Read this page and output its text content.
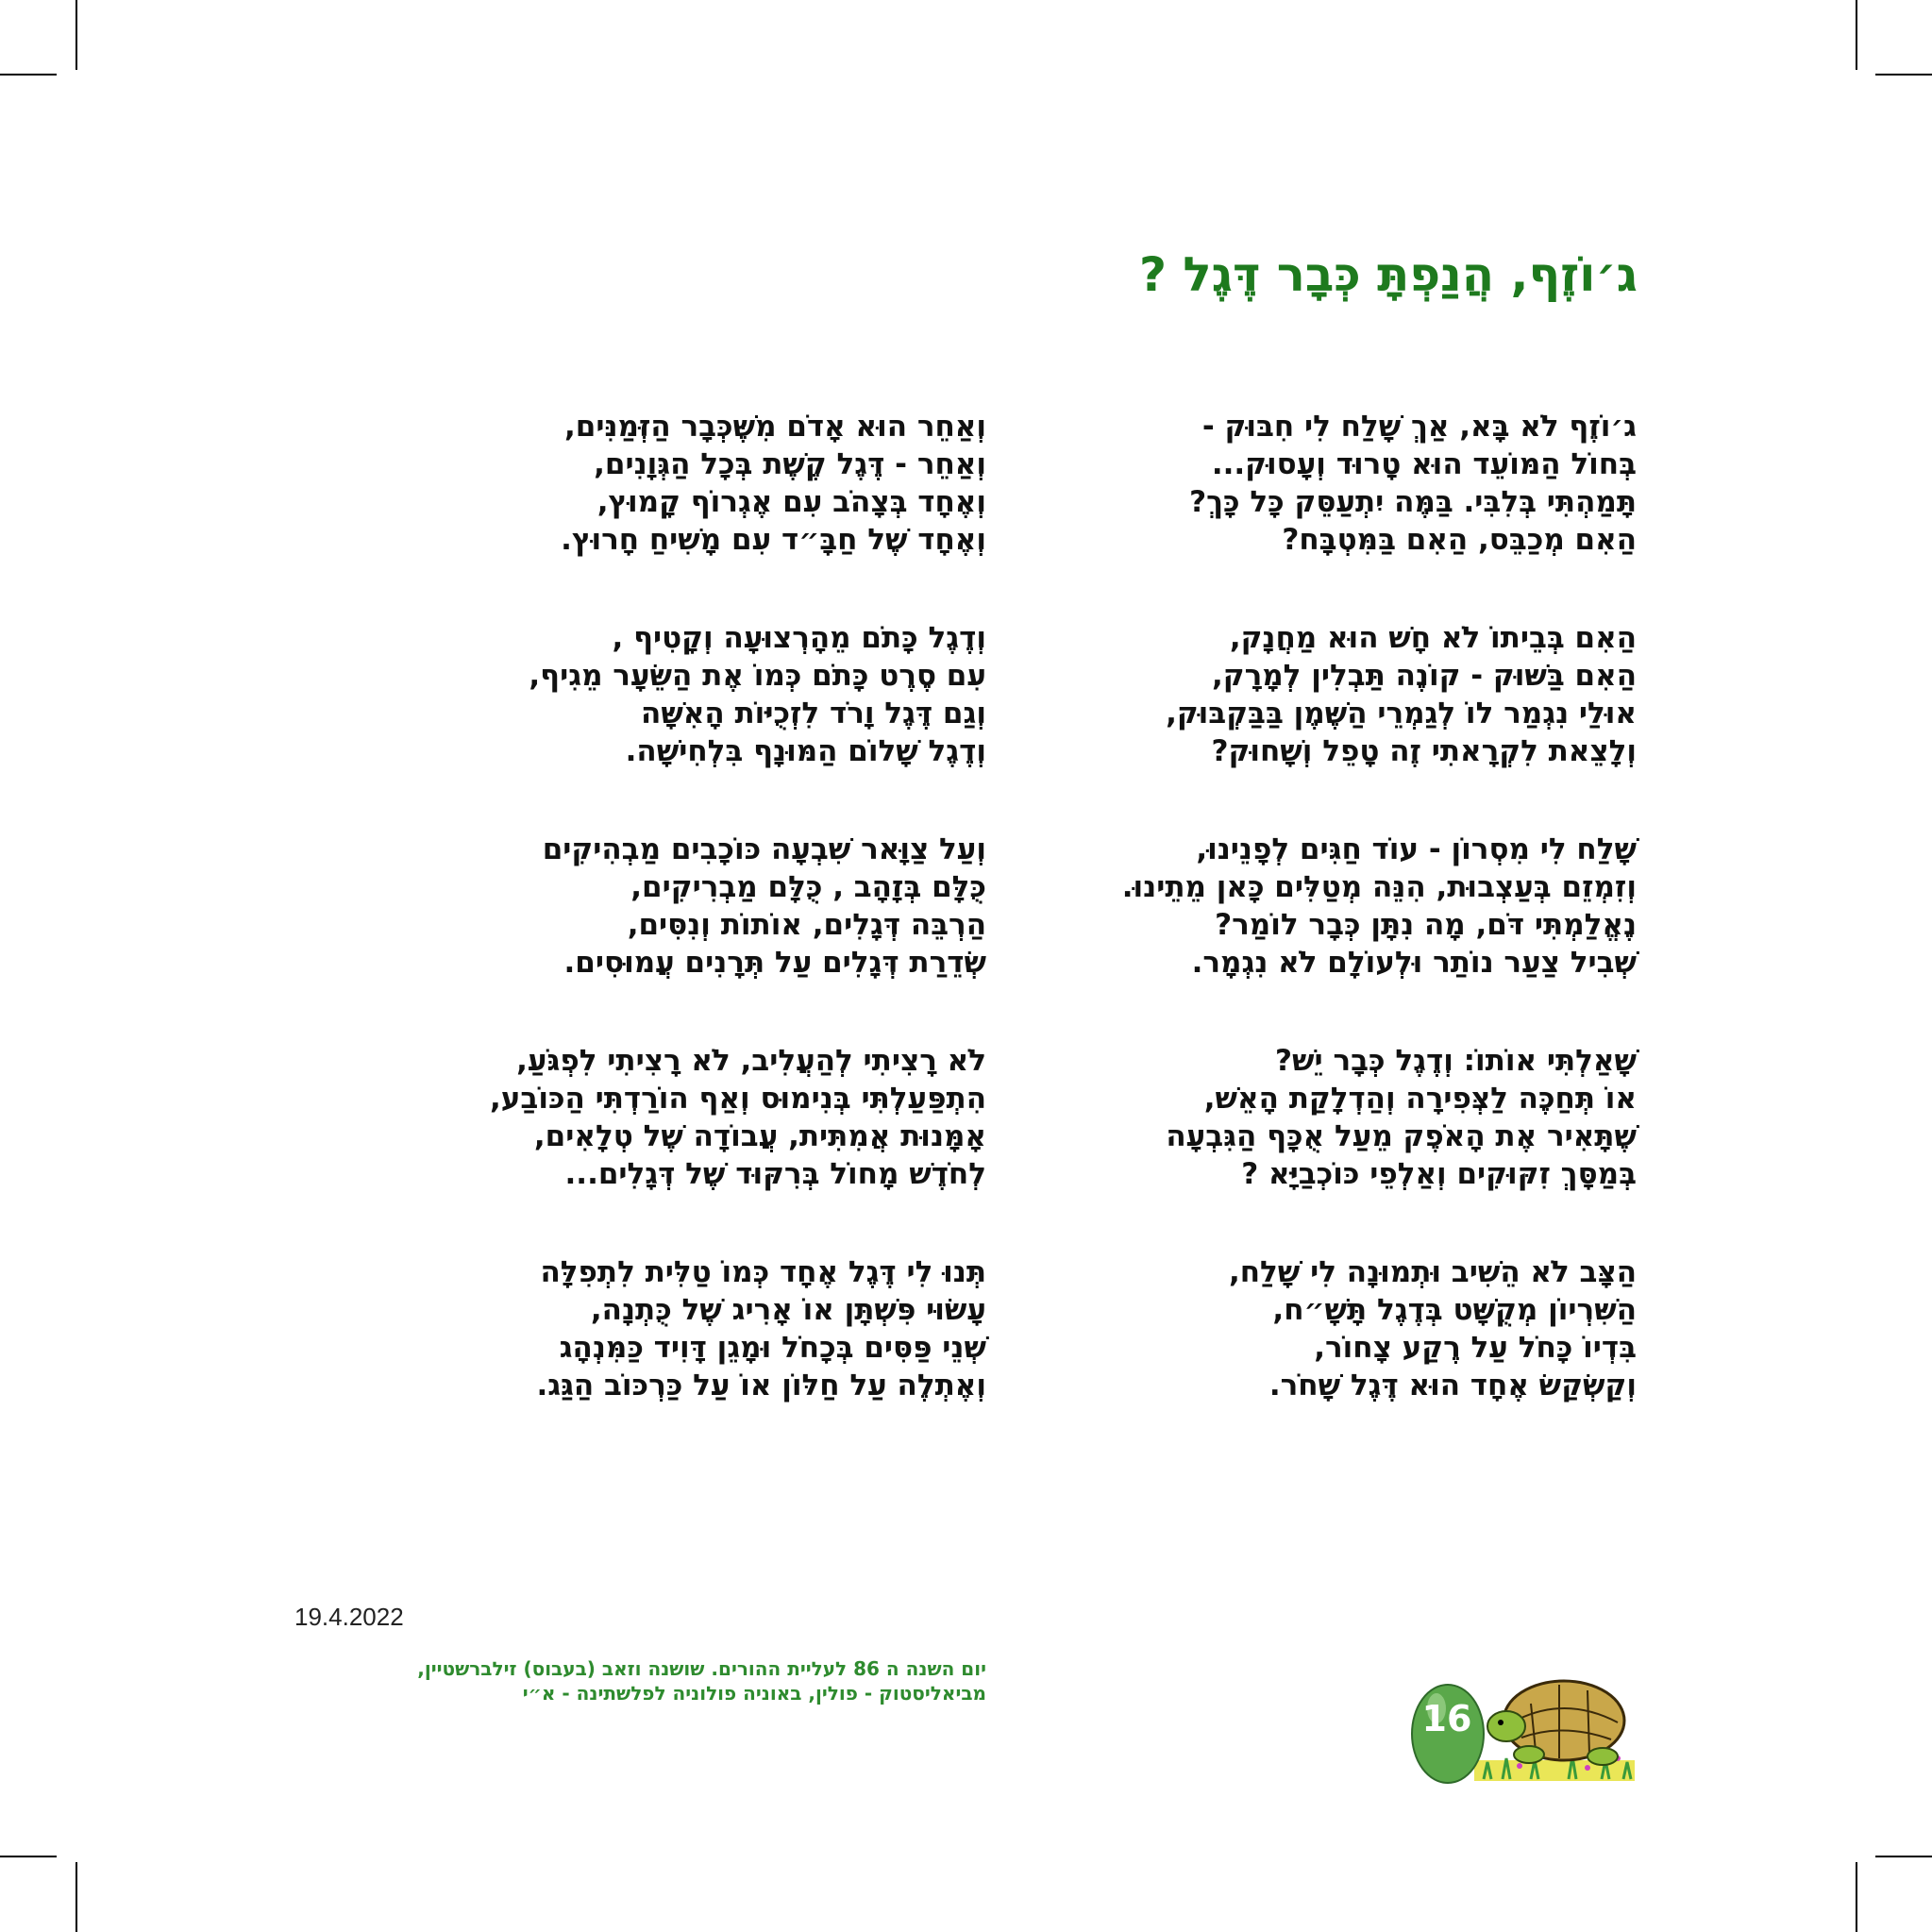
ג׳וֹזֶף, הֲנַפְתָּ כְּבָר דֶּגֶל ?
ג׳וֹזֶף לֹא בָּא, אַךְ שָׁלַח לִי חִבּוּק -
בְּחוֹל הַמּוֹעֵד הוּא טָרוּד וְעָסוּק...
תָּמַהְתִּי בְּלִבִּי. בַּמֶּה יִתְעַסֵּק כָּל כָּךְ?
הַאִם מְכַבֵּס, הַאִם בַּמִּטְבָּח?
הַאִם בְּבֵיתוֹ לֹא חָשׁ הוּא מַחֲנָק,
הַאִם בַּשּׁוּק - קוֹנֶה תַּבְלִין לְמָרָק,
אוּלַי נִגְמַר לוֹ לְגַמְרֵי הַשֶּׁמֶן בַּבַּקְבּוּק,
וְלָצֵאת לִקְרָאתִי זֶה טָפֵל וְשָׁחוּק?
שָׁלַח לִי מִסְרוֹן - עוֹד חַגִּים לְפָנֵינוּ,
וְזִמְזֵם בְּעַצְבוּת, הִנֵּה מְטַלִּים כָּאן מֵתֵינוּ.
נֶאֱלַמְתִּי דֹּם, מָה נִתָּן כְּבָר לוֹמַר?
שְׁבִיל צַעַר נוֹתַר וּלְעוֹלָם לֹא נִגְמָר.
שָׁאַלְתִּי אוֹתוֹ: וְדֶגֶל כְּבָר יֵשׁ?
אוֹ תְּחַכֶּה לַצְּפִירָה וְהַדְלָקַת הָאֵשׁ,
שֶׁתָּאִיר אֶת הָאֹפֶק מֵעַל אֻכָּף הַגִּבְעָה
בְּמַסָּךְ זִקּוּקִים וְאַלְפֵי כּוֹכְבַיָּא ?
הַצָּב לֹא הֵשִׁיב וּתְמוּנָה לִי שָׁלַח,
הַשִּׁרְיוֹן מְקֻשָּׁט בְּדֶגֶל תָּשָׁ״ח,
בִּדְיוֹ כָּחֹל עַל רֶקַע צָחוֹר,
וְקַשְׂקַשׂ אֶחָד הוּא דֶּגֶל שָׁחֹר.
וְאַחֵר הוּא אָדֹם מִשֶּׁכְּבָר הַזְּמַנִּים,
וְאַחֵר - דֶּגֶל קֶשֶׁת בְּכָל הַגְּוָנִים,
וְאֶחָד בְּצָהֹב עִם אֶגְרוֹף קָמוּץ,
וְאֶחָד שֶׁל חַבָּ״ד עִם מָשִׁיחַ חָרוּץ.
וְדֶגֶל כָּתֹם מֵהָרְצוּעָה וְקָטִיף ,
עִם סֶרֶט כָּתֹם כְּמוֹ אֶת הַשֵּׂעָר מֵגִיף,
וְגַם דֶּגֶל וָרֹד לִזְכֻיּוֹת הָאִשָּׁה
וְדֶגֶל שָׁלוֹם הַמּוּנָף בִּלְחִישָׁה.
וְעַל צַוָּאר שִׁבְעָה כּוֹכָבִים מַבְהִיקִים
כֻּלָּם בְּזָהָב , כֻּלָּם מַבְרִיקִים,
הַרְבֵּה דְּגָלִים, אוֹתוֹת וְנִסִּים,
שְׂדֵרַת דְּגָלִים עַל תְּרָנִים עֲמוּסִים.
לֹא רָצִיתִי לְהַעֲלִיב, לֹא רָצִיתִי לִפְגֹּעַ,
הִתְפַּעַלְתִּי בְּנִימוּס וְאַף הוֹרַדְתִּי הַכּוֹבַע,
אָמָּנוּת אֲמִתִּית, עֲבוֹדָה שֶׁל טְלָאִים,
לְחֹדֶשׁ מָחוֹל בְּרִקּוּד שֶׁל דְּגָלִים...
תְּנוּ לִי דֶּגֶל אֶחָד כְּמוֹ טַלִּית לִתְפִלָּה
עָשׂוּי פִּשְׁתָּן אוֹ אָרִיג שֶׁל כֻּתְנָה,
שְׁנֵי פַּסִּים בְּכָחֹל וּמָגֵן דָּוִיד כַּמִּנְהָג
וְאֶתְלֶה עַל חַלּוֹן אוֹ עַל כַּרְכּוֹב הַגַּג.
19.4.2022
יום השנה ה 86 לעליית ההורים. שושנה וזאב (בעבוס) זילברשטיין,
מביאליסטוק - פולין, באוניה פולוניה לפלשתינה - א״י
16
